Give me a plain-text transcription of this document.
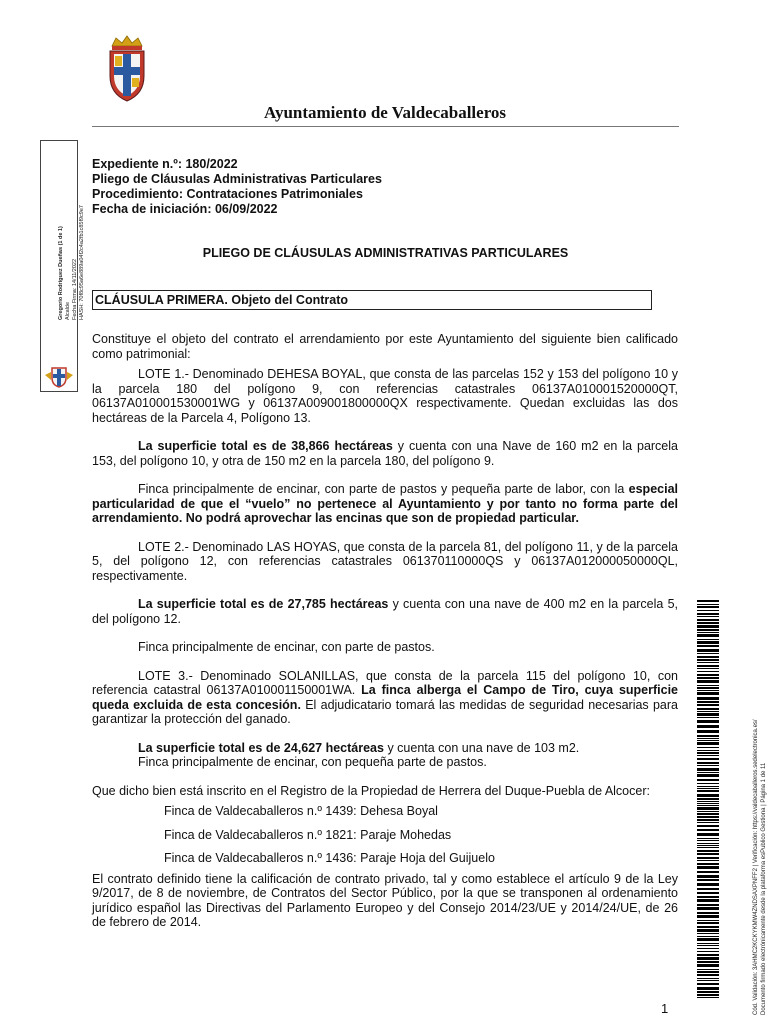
Ayuntamiento de Valdecaballeros
Gregorio Rodríguez Dueñas (1 de 1) Alcalde Fecha Firma: 14/11/2022 HASH: 70f8c95a6e889a04f2c4a2fb1c85f9c9e7
Expediente n.º: 180/2022
Pliego de Cláusulas Administrativas Particulares
Procedimiento: Contrataciones Patrimoniales
Fecha de iniciación: 06/09/2022
PLIEGO DE CLÁUSULAS ADMINISTRATIVAS PARTICULARES
CLÁUSULA PRIMERA. Objeto del Contrato

Constituye el objeto del contrato el arrendamiento por este Ayuntamiento del siguiente bien calificado como patrimonial:

LOTE 1.- Denominado DEHESA BOYAL, que consta de las parcelas 152 y 153 del polígono 10 y la parcela 180 del polígono 9, con referencias catastrales 06137A010001520000QT, 06137A010001530001WG y 06137A009001800000QX respectivamente. Quedan excluidas las dos hectáreas de la Parcela 4, Polígono 13.

La superficie total es de 38,866 hectáreas y cuenta con una Nave de 160 m2 en la parcela 153, del polígono 10, y otra de 150 m2 en la parcela 180, del polígono 9.

Finca principalmente de encinar, con parte de pastos y pequeña parte de labor, con la especial particularidad de que el “vuelo” no pertenece al Ayuntamiento y por tanto no forma parte del arrendamiento. No podrá aprovechar las encinas que son de propiedad particular.

LOTE 2.- Denominado LAS HOYAS, que consta de la parcela 81, del polígono 11, y de la parcela 5, del polígono 12, con referencias catastrales 061370110000QS y 06137A012000050000QL, respectivamente.

La superficie total es de 27,785 hectáreas y cuenta con una nave de 400 m2 en la parcela 5, del polígono 12.

Finca principalmente de encinar, con parte de pastos.

LOTE 3.- Denominado SOLANILLAS, que consta de la parcela 115 del polígono 10, con referencia catastral 06137A010001150001WA. La finca alberga el Campo de Tiro, cuya superficie queda excluida de esta concesión. El adjudicatario tomará las medidas de seguridad necesarias para garantizar la protección del ganado.

La superficie total es de 24,627 hectáreas y cuenta con una nave de 103 m2.

Finca principalmente de encinar, con pequeña parte de pastos.

Que dicho bien está inscrito en el Registro de la Propiedad de Herrera del Duque-Puebla de Alcocer:

Finca de Valdecaballeros n.º 1439: Dehesa Boyal

Finca de Valdecaballeros n.º 1821: Paraje Mohedas

Finca de Valdecaballeros n.º 1436: Paraje Hoja del Guijuelo

El contrato definido tiene la calificación de contrato privado, tal y como establece el artículo 9 de la Ley 9/2017, de 8 de noviembre, de Contratos del Sector Público, por la que se transponen al ordenamiento jurídico español las Directivas del Parlamento Europeo y del Consejo 2014/23/UE y 2014/24/UE, de 26 de febrero de 2014.

1	Cód. Validación: 3AHMC2KCKYKMW4ZNDSAXPNFF2 | Verificación: https://valdecaballeros.sedelectronica.es/ Documento firmado electrónicamente desde la plataforma esPublico Gestiona | Página 1 de 11
